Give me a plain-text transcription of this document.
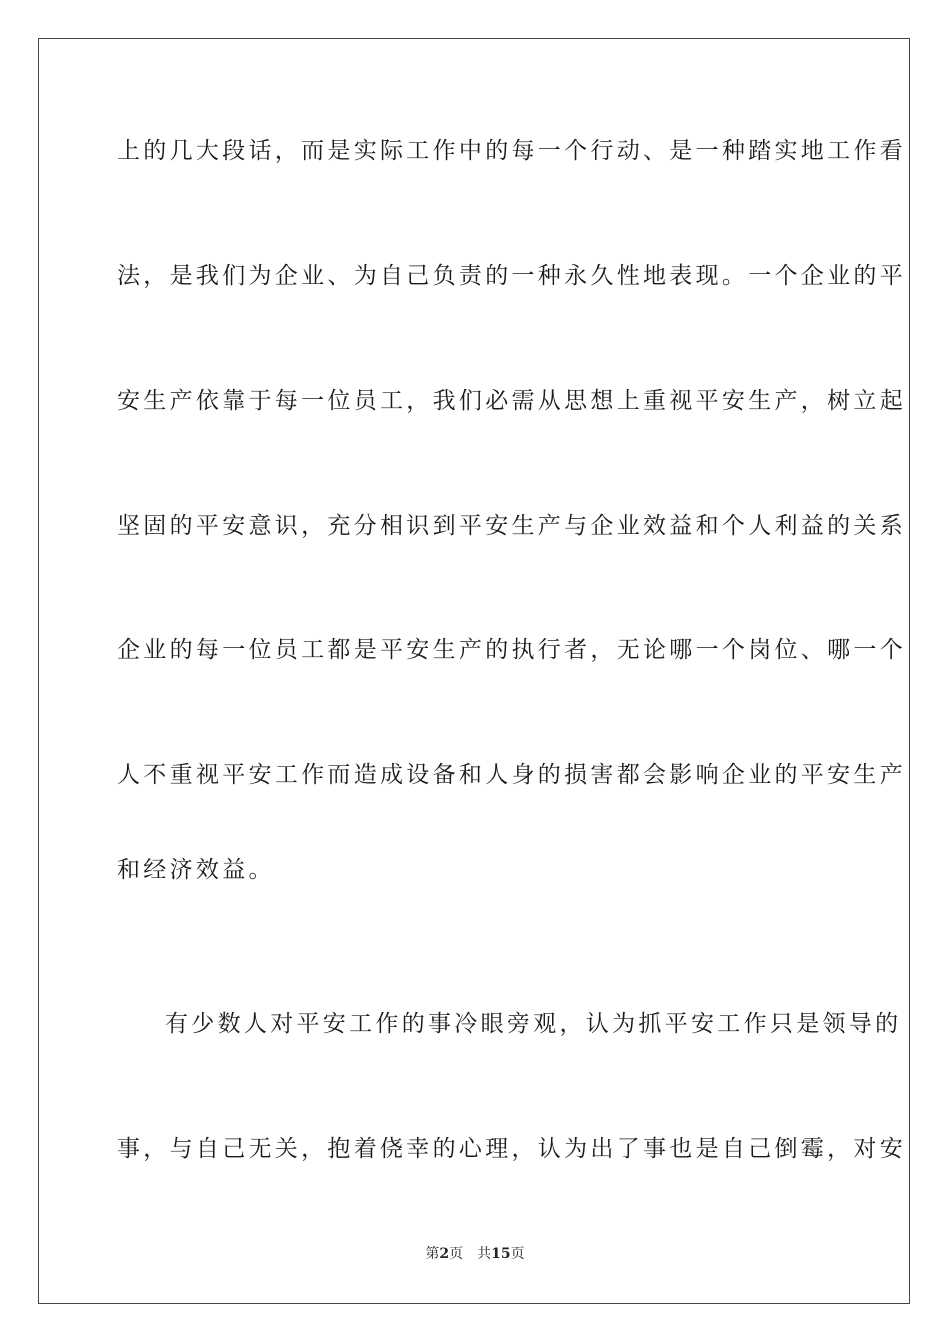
上的几大段话，而是实际工作中的每一个行动、是一种踏实地工作看
法，是我们为企业、为自己负责的一种永久性地表现。一个企业的平
安生产依靠于每一位员工，我们必需从思想上重视平安生产，树立起
坚固的平安意识，充分相识到平安生产与企业效益和个人利益的关系
企业的每一位员工都是平安生产的执行者，无论哪一个岗位、哪一个
人不重视平安工作而造成设备和人身的损害都会影响企业的平安生产
和经济效益。
有少数人对平安工作的事冷眼旁观，认为抓平安工作只是领导的
事，与自己无关，抱着侥幸的心理，认为出了事也是自己倒霉，对安
第2页 共15页
